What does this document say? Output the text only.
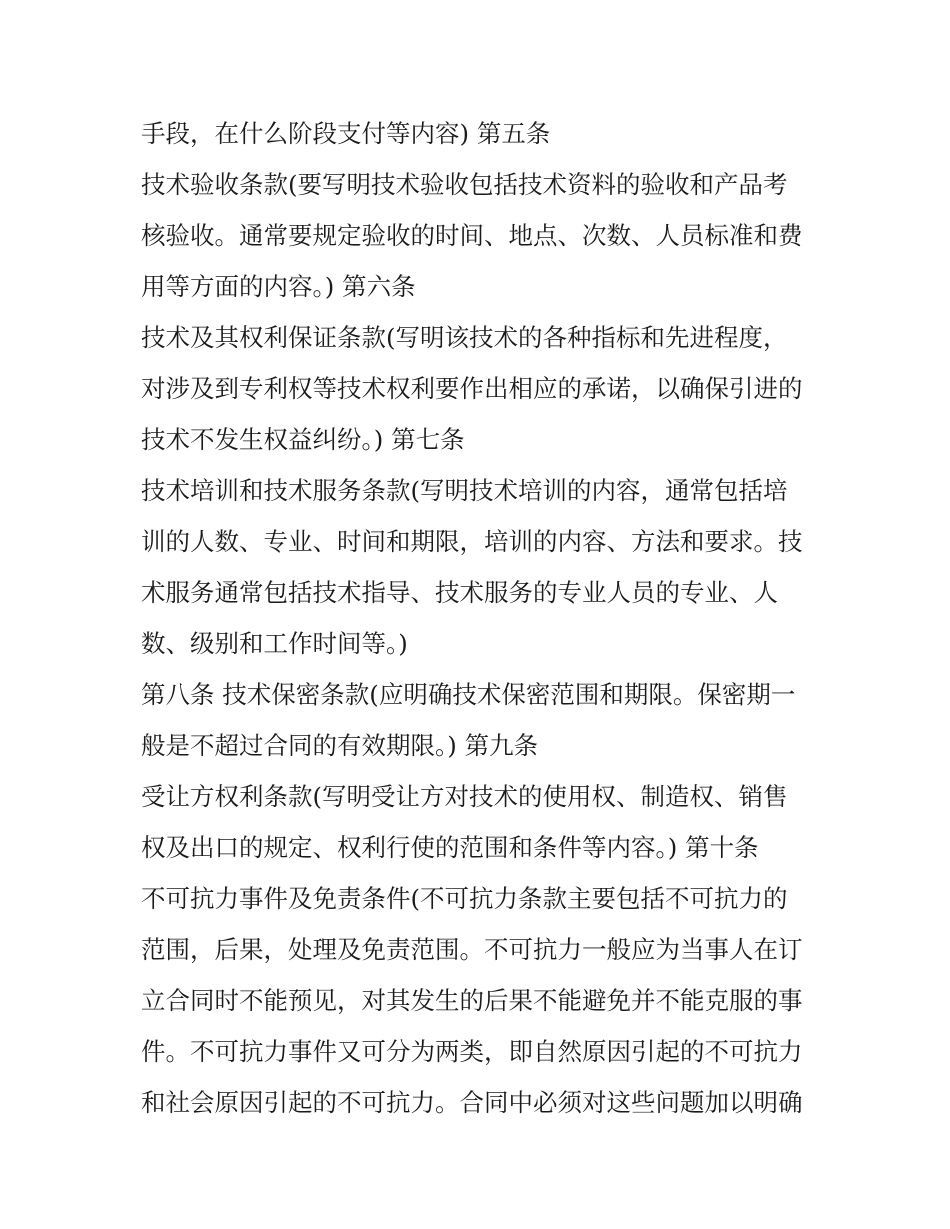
手段，在什么阶段支付等内容) 第五条
技术验收条款(要写明技术验收包括技术资料的验收和产品考
核验收。通常要规定验收的时间、地点、次数、人员标准和费
用等方面的内容。) 第六条
技术及其权利保证条款(写明该技术的各种指标和先进程度，
对涉及到专利权等技术权利要作出相应的承诺，以确保引进的
技术不发生权益纠纷。) 第七条
技术培训和技术服务条款(写明技术培训的内容，通常包括培
训的人数、专业、时间和期限，培训的内容、方法和要求。技
术服务通常包括技术指导、技术服务的专业人员的专业、人
数、级别和工作时间等。)
第八条 技术保密条款(应明确技术保密范围和期限。保密期一
般是不超过合同的有效期限。) 第九条
受让方权利条款(写明受让方对技术的使用权、制造权、销售
权及出口的规定、权利行使的范围和条件等内容。) 第十条
不可抗力事件及免责条件(不可抗力条款主要包括不可抗力的
范围，后果，处理及免责范围。不可抗力一般应为当事人在订
立合同时不能预见，对其发生的后果不能避免并不能克服的事
件。不可抗力事件又可分为两类，即自然原因引起的不可抗力
和社会原因引起的不可抗力。合同中必须对这些问题加以明确
